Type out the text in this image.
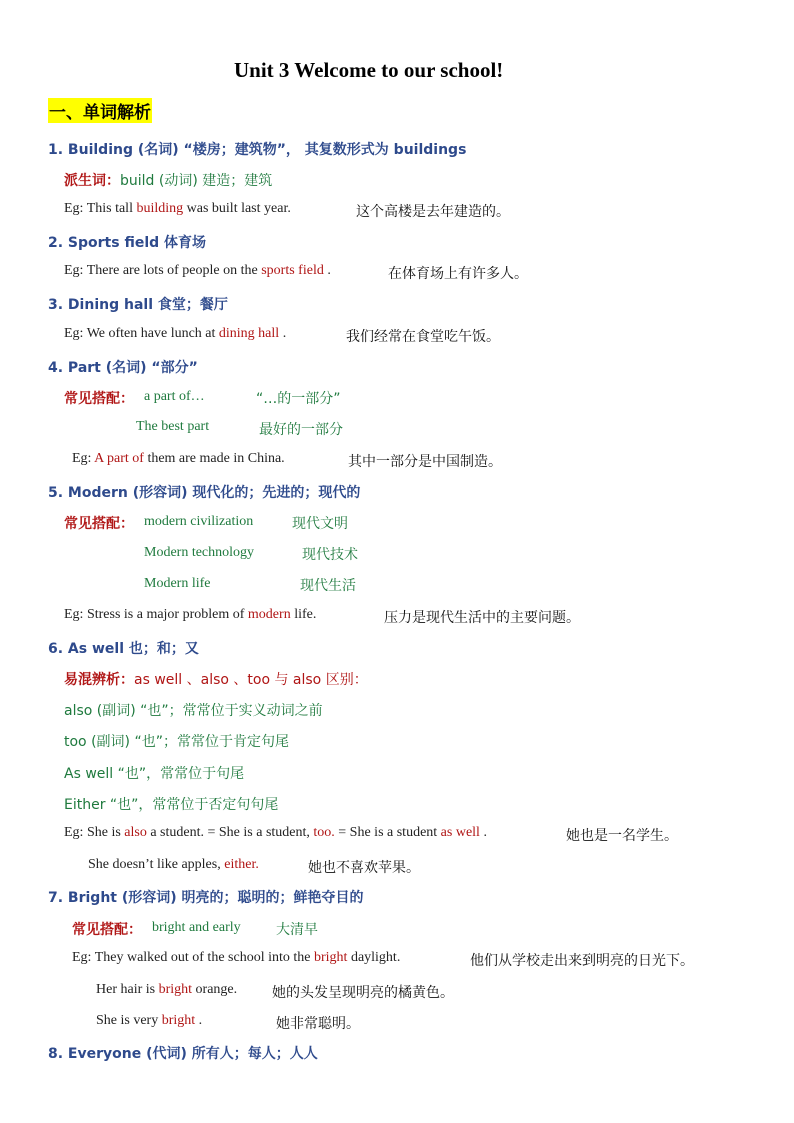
Unit 3 Welcome to our school!
一、单词解析
1. Building (名词) “楼房；建筑物”， 其复数形式为 buildings
派生词：build (动词) 建造；建筑
Eg: This tall building was built last year.	这个高楼是去年建造的。
2. Sports field 体育场
Eg: There are lots of people on the sports field .	在体育场上有许多人。
3. Dining hall 食堂；餐厅
Eg: We often have lunch at dining hall .	我们经常在食堂吃午饭。
4. Part (名词) “部分”
常见搭配： a part of…	“…的一部分”
The best part	最好的一部分
Eg: A part of them are made in China.	其中一部分是中国制造。
5. Modern (形容词) 现代化的；先进的；现代的
常见搭配： modern civilization	现代文明
Modern technology	现代技术
Modern life	现代生活
Eg: Stress is a major problem of modern life.	压力是现代生活中的主要问题。
6. As well 也；和；又
易混辨析：as well 、also 、too 与 also 区别：
also (副词) “也”；常常位于实义动词之前
too (副词) “也”；常常位于肯定句尾
As well “也”，常常位于句尾
Either “也”，常常位于否定句句尾
Eg: She is also a student. = She is a student, too. = She is a student as well .	她也是一名学生。
She doesn’t like apples, either.	她也不喜欢苹果。
7. Bright (形容词) 明亮的；聪明的；鲜艳夺目的
常见搭配： bright and early	大清早
Eg: They walked out of the school into the bright daylight.	他们从学校走出来到明亮的日光下。
Her hair is bright orange. 她的头发呈现明亮的橘黄色。
She is very bright .	她非常聪明。
8. Everyone (代词) 所有人；每人；人人
